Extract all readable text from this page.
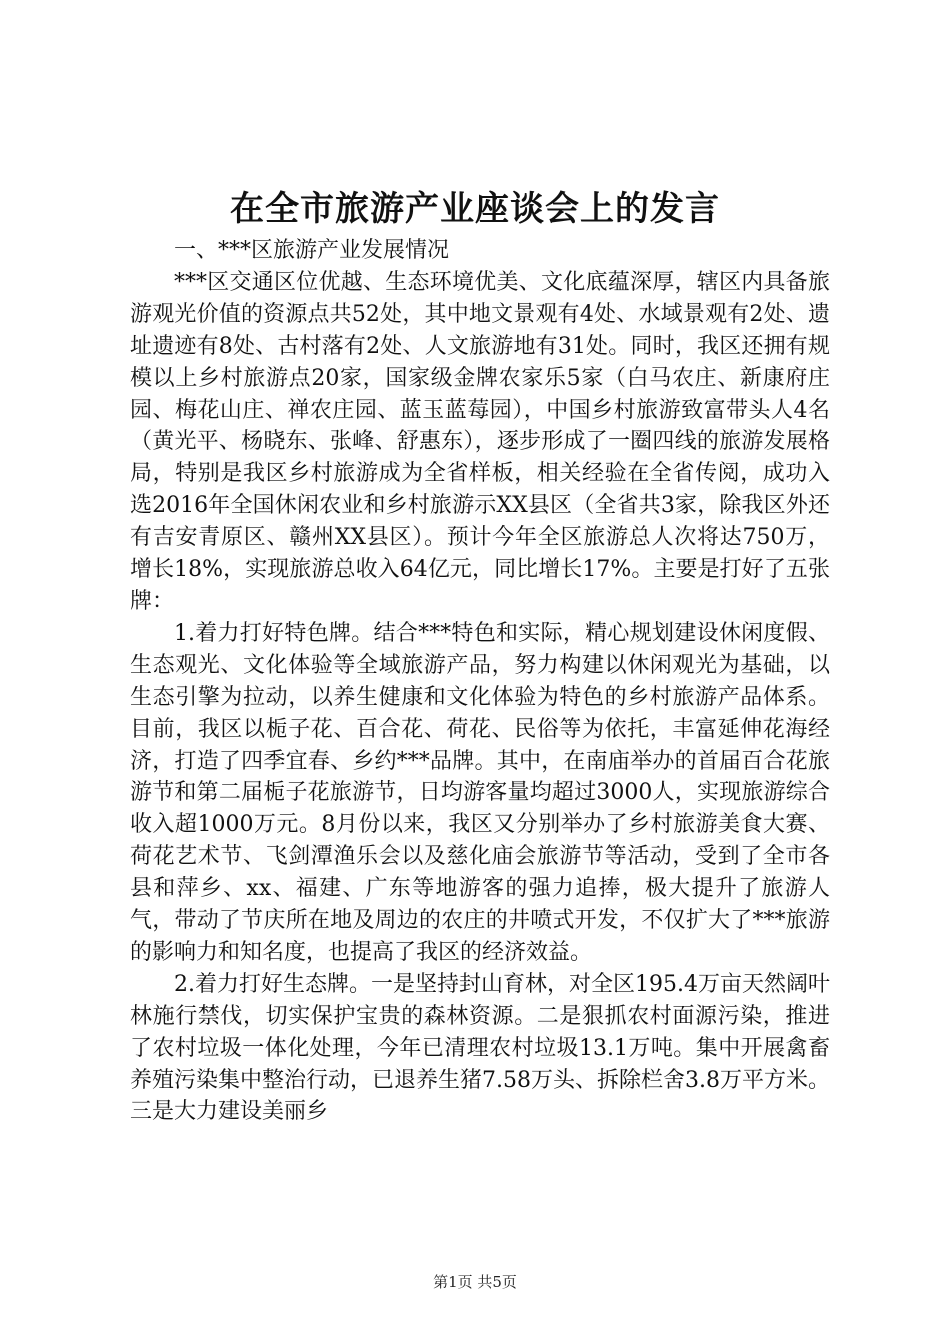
在全市旅游产业座谈会上的发言

一、***区旅游产业发展情况

***区交通区位优越、生态环境优美、文化底蕴深厚，辖区内具备旅游观光价值的资源点共52处，其中地文景观有4处、水域景观有2处、遗址遗迹有8处、古村落有2处、人文旅游地有31处。同时，我区还拥有规模以上乡村旅游点20家，国家级金牌农家乐5家（白马农庄、新康府庄园、梅花山庄、禅农庄园、蓝玉蓝莓园），中国乡村旅游致富带头人4名（黄光平、杨晓东、张峰、舒惠东），逐步形成了一圈四线的旅游发展格局，特别是我区乡村旅游成为全省样板，相关经验在全省传阅，成功入选2016年全国休闲农业和乡村旅游示XX县区（全省共3家，除我区外还有吉安青原区、赣州XX县区）。预计今年全区旅游总人次将达750万，增长18%，实现旅游总收入64亿元，同比增长17%。主要是打好了五张牌：

1.着力打好特色牌。结合***特色和实际，精心规划建设休闲度假、生态观光、文化体验等全域旅游产品，努力构建以休闲观光为基础，以生态引擎为拉动，以养生健康和文化体验为特色的乡村旅游产品体系。目前，我区以栀子花、百合花、荷花、民俗等为依托，丰富延伸花海经济，打造了四季宜春、乡约***品牌。其中，在南庙举办的首届百合花旅游节和第二届栀子花旅游节，日均游客量均超过3000人，实现旅游综合收入超1000万元。8月份以来，我区又分别举办了乡村旅游美食大赛、荷花艺术节、飞剑潭渔乐会以及慈化庙会旅游节等活动，受到了全市各县和萍乡、xx、福建、广东等地游客的强力追捧，极大提升了旅游人气，带动了节庆所在地及周边的农庄的井喷式开发，不仅扩大了***旅游的影响力和知名度，也提高了我区的经济效益。

2.着力打好生态牌。一是坚持封山育林，对全区195.4万亩天然阔叶林施行禁伐，切实保护宝贵的森林资源。二是狠抓农村面源污染，推进了农村垃圾一体化处理，今年已清理农村垃圾13.1万吨。集中开展禽畜养殖污染集中整治行动，已退养生猪7.58万头、拆除栏舍3.8万平方米。三是大力建设美丽乡

第1页 共5页
